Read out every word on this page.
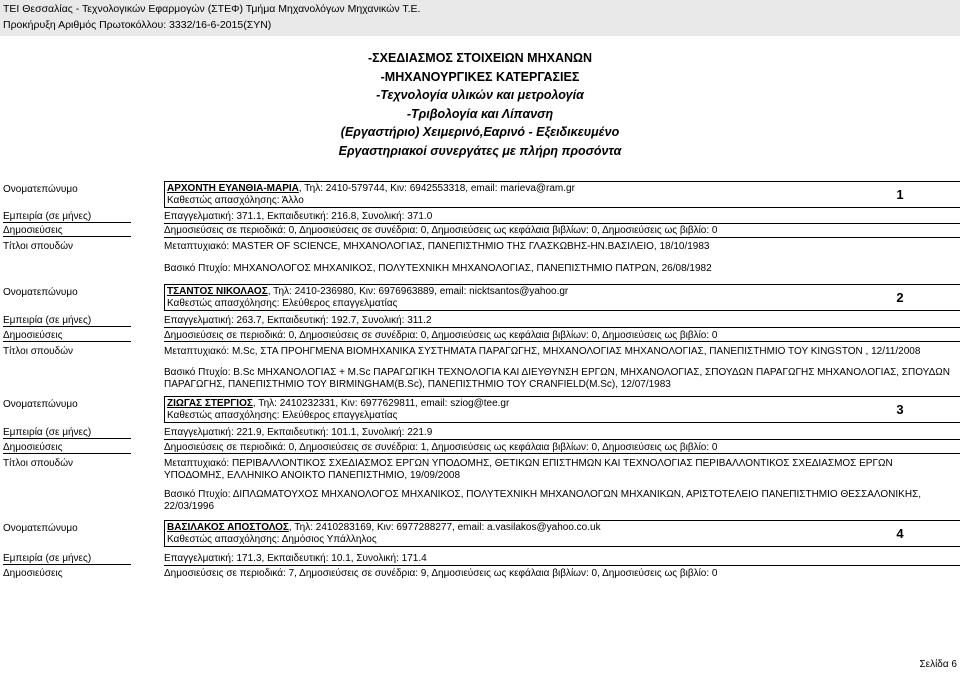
ΤΕΙ Θεσσαλίας - Τεχνολογικών Εφαρμογών (ΣΤΕΦ) Τμήμα Μηχανολόγων Μηχανικών Τ.Ε.
Προκήρυξη Αριθμός Πρωτοκόλλου: 3332/16-6-2015(ΣΥΝ)
-ΣΧΕΔΙΑΣΜΟΣ ΣΤΟΙΧΕΙΩΝ ΜΗΧΑΝΩΝ
-ΜΗΧΑΝΟΥΡΓΙΚΕΣ ΚΑΤΕΡΓΑΣΙΕΣ
-Τεχνολογία υλικών και μετρολογία
-Τριβολογία και Λίπανση
(Εργαστήριο) Χειμερινό,Εαρινό - Εξειδικευμένο
Εργαστηριακοί συνεργάτες με πλήρη προσόντα
Ονοματεπώνυμο	ΑΡΧΟΝΤΗ ΕΥΑΝΘΙΑ-ΜΑΡΙΑ, Τηλ: 2410-579744, Κιν: 6942553318, email: marieva@ram.gr
Καθεστώς απασχόλησης: Άλλο	1
Εμπειρία (σε μήνες)	Επαγγελματική: 371.1, Εκπαιδευτική: 216.8, Συνολική: 371.0
Δημοσιεύσεις	Δημοσιεύσεις σε περιοδικά: 0, Δημοσιεύσεις σε συνέδρια: 0, Δημοσιεύσεις ως κεφάλαια βιβλίων: 0, Δημοσιεύσεις ως βιβλίο: 0
Τίτλοι σπουδών	Μεταπτυχιακό: MASTER OF SCIENCE, ΜΗΧΑΝΟΛΟΓΙΑΣ, ΠΑΝΕΠΙΣΤΗΜΙΟ ΤΗΣ ΓΛΑΣΚΩΒΗΣ-ΗΝ.ΒΑΣΙΛΕΙΟ, 18/10/1983
Βασικό Πτυχίο: ΜΗΧΑΝΟΛΟΓΟΣ ΜΗΧΑΝΙΚΟΣ, ΠΟΛΥΤΕΧΝΙΚΗ ΜΗΧΑΝΟΛΟΓΙΑΣ, ΠΑΝΕΠΙΣΤΗΜΙΟ ΠΑΤΡΩΝ, 26/08/1982
Ονοματεπώνυμο	ΤΣΑΝΤΟΣ ΝΙΚΟΛΑΟΣ, Τηλ: 2410-236980, Κιν: 6976963889, email: nicktsantos@yahoo.gr
Καθεστώς απασχόλησης: Ελεύθερος επαγγελματίας	2
Εμπειρία (σε μήνες)	Επαγγελματική: 263.7, Εκπαιδευτική: 192.7, Συνολική: 311.2
Δημοσιεύσεις	Δημοσιεύσεις σε περιοδικά: 0, Δημοσιεύσεις σε συνέδρια: 0, Δημοσιεύσεις ως κεφάλαια βιβλίων: 0, Δημοσιεύσεις ως βιβλίο: 0
Τίτλοι σπουδών	Μεταπτυχιακό: M.Sc, ΣΤΑ ΠΡΟΗΓΜΕΝΑ ΒΙΟΜΗΧΑΝΙΚΑ ΣΥΣΤΗΜΑΤΑ ΠΑΡΑΓΩΓΗΣ, ΜΗΧΑΝΟΛΟΓΙΑΣ ΜΗΧΑΝΟΛΟΓΙΑΣ, ΠΑΝΕΠΙΣΤΗΜΙΟ ΤΟΥ KINGSTON , 12/11/2008
Βασικό Πτυχίο: B.Sc ΜΗΧΑΝΟΛΟΓΙΑΣ + M.Sc ΠΑΡΑΓΩΓΙΚΗ ΤΕΧΝΟΛΟΓΙΑ ΚΑΙ ΔΙΕΥΘΥΝΣΗ ΕΡΓΩΝ, ΜΗΧΑΝΟΛΟΓΙΑΣ, ΣΠΟΥΔΩΝ ΠΑΡΑΓΩΓΗΣ ΜΗΧΑΝΟΛΟΓΙΑΣ, ΣΠΟΥΔΩΝ ΠΑΡΑΓΩΓΗΣ, ΠΑΝΕΠΙΣΤΗΜΙΟ ΤΟΥ BIRMINGHAM(B.Sc), ΠΑΝΕΠΙΣΤΗΜΙΟ ΤΟΥ CRANFIELD(M.Sc), 12/07/1983
Ονοματεπώνυμο	ΖΙΩΓΑΣ ΣΤΕΡΓΙΟΣ, Τηλ: 2410232331, Κιν: 6977629811, email: sziog@tee.gr
Καθεστώς απασχόλησης: Ελεύθερος επαγγελματίας	3
Εμπειρία (σε μήνες)	Επαγγελματική: 221.9, Εκπαιδευτική: 101.1, Συνολική: 221.9
Δημοσιεύσεις	Δημοσιεύσεις σε περιοδικά: 0, Δημοσιεύσεις σε συνέδρια: 1, Δημοσιεύσεις ως κεφάλαια βιβλίων: 0, Δημοσιεύσεις ως βιβλίο: 0
Τίτλοι σπουδών	Μεταπτυχιακό: ΠΕΡΙΒΑΛΛΟΝΤΙΚΟΣ ΣΧΕΔΙΑΣΜΟΣ ΕΡΓΩΝ ΥΠΟΔΟΜΗΣ, ΘΕΤΙΚΩΝ ΕΠΙΣΤΗΜΩΝ ΚΑΙ ΤΕΧΝΟΛΟΓΙΑΣ ΠΕΡΙΒΑΛΛΟΝΤΙΚΟΣ ΣΧΕΔΙΑΣΜΟΣ ΕΡΓΩΝ ΥΠΟΔΟΜΗΣ, ΕΛΛΗΝΙΚΟ ΑΝΟΙΚΤΟ ΠΑΝΕΠΙΣΤΗΜΙΟ, 19/09/2008
Βασικό Πτυχίο: ΔΙΠΛΩΜΑΤΟΥΧΟΣ ΜΗΧΑΝΟΛΟΓΟΣ ΜΗΧΑΝΙΚΟΣ, ΠΟΛΥΤΕΧΝΙΚΗ ΜΗΧΑΝΟΛΟΓΩΝ ΜΗΧΑΝΙΚΩΝ, ΑΡΙΣΤΟΤΕΛΕΙΟ ΠΑΝΕΠΙΣΤΗΜΙΟ ΘΕΣΣΑΛΟΝΙΚΗΣ, 22/03/1996
Ονοματεπώνυμο	ΒΑΣΙΛΑΚΟΣ ΑΠΟΣΤΟΛΟΣ, Τηλ: 2410283169, Κιν: 6977288277, email: a.vasilakos@yahoo.co.uk
Καθεστώς απασχόλησης: Δημόσιος Υπάλληλος	4
Εμπειρία (σε μήνες)	Επαγγελματική: 171.3, Εκπαιδευτική: 10.1, Συνολική: 171.4
Δημοσιεύσεις	Δημοσιεύσεις σε περιοδικά: 7, Δημοσιεύσεις σε συνέδρια: 9, Δημοσιεύσεις ως κεφάλαια βιβλίων: 0, Δημοσιεύσεις ως βιβλίο: 0
Σελίδα 6
